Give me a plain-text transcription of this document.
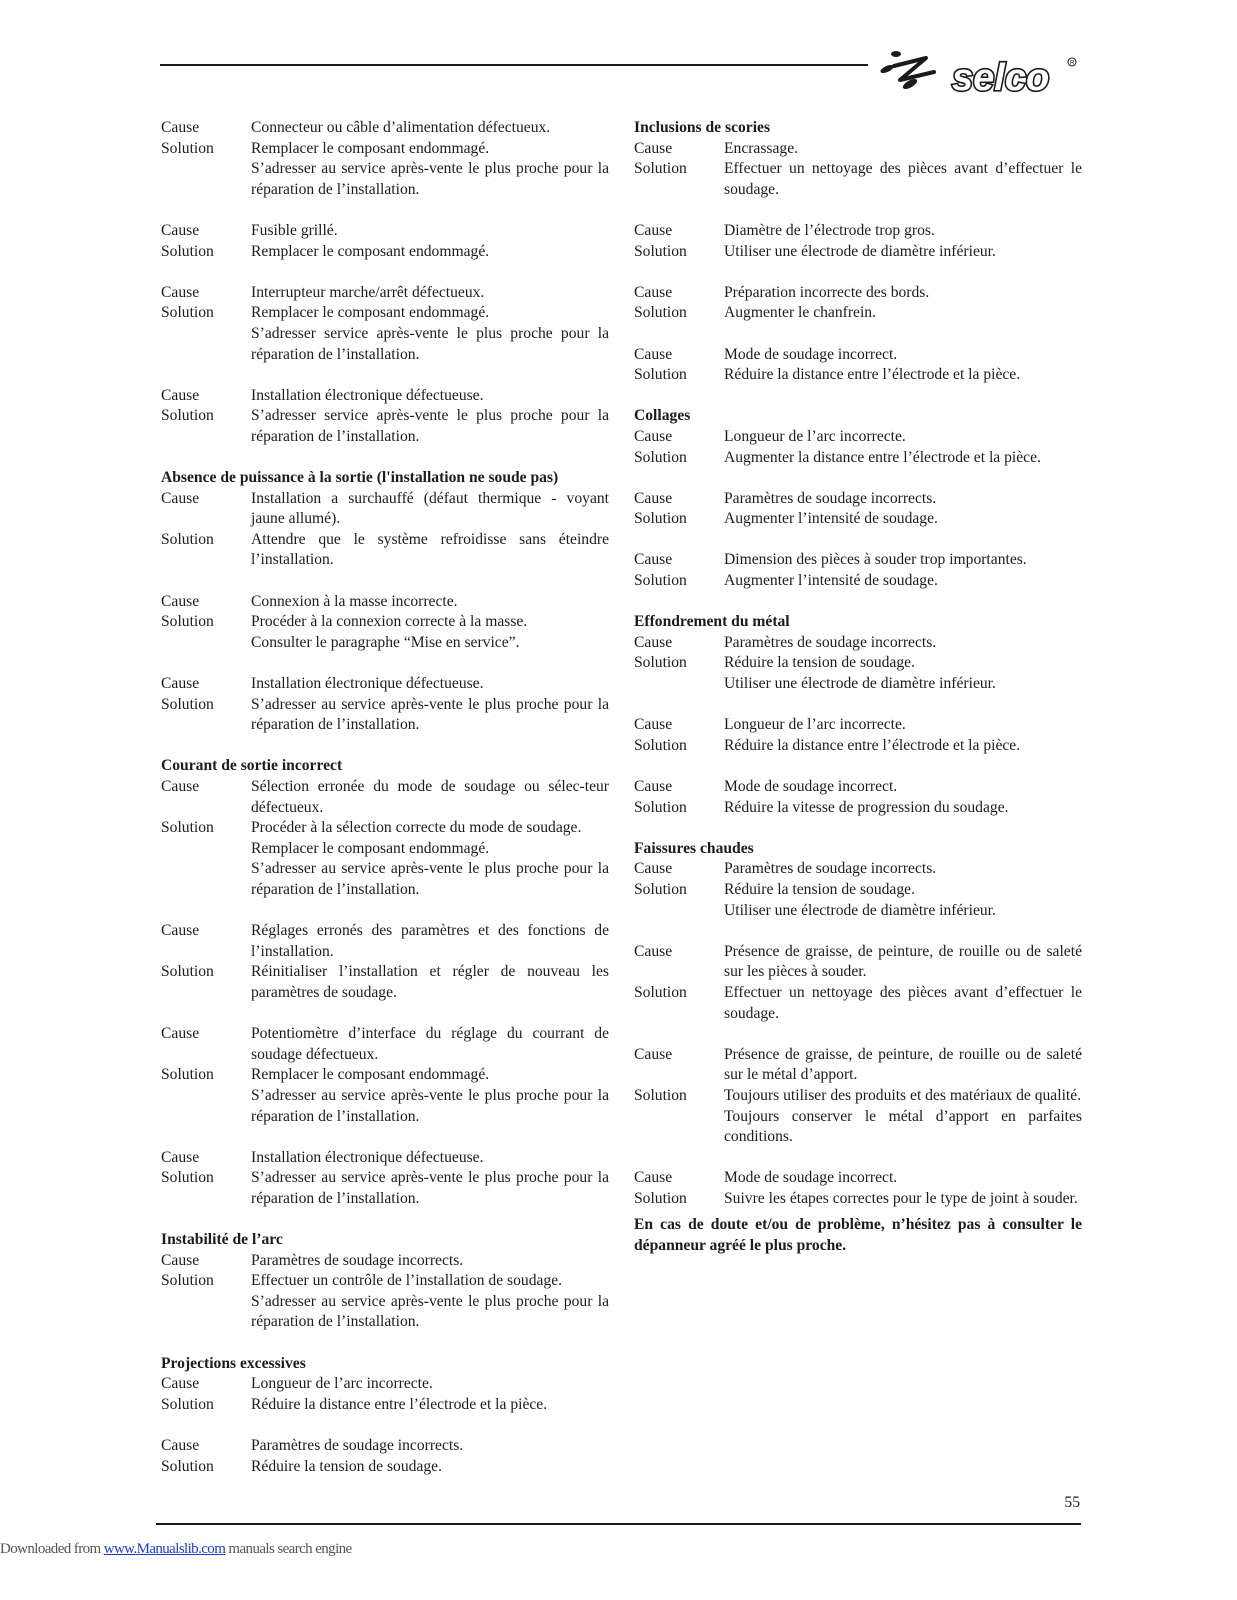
selco	R
Cause	Connecteur ou câble d’alimentation défectueux.
Solution	Remplacer le composant endommagé.
S’adresser au service après-vente le plus proche pour la réparation de l’installation.
Cause	Fusible grillé.
Solution	Remplacer le composant endommagé.
Cause	Interrupteur marche/arrêt défectueux.
Solution	Remplacer le composant endommagé.
S’adresser service après-vente le plus proche pour la réparation de l’installation.
Cause	Installation électronique défectueuse.
Solution	S’adresser service après-vente le plus proche pour la réparation de l’installation.
Absence de puissance à la sortie (l'installation ne soude pas)
Cause	Installation a surchauffé (défaut thermique - voyant jaune allumé).
Solution	Attendre que le système refroidisse sans éteindre l’installation.
Cause	Connexion à la masse incorrecte.
Solution	Procéder à la connexion correcte à la masse.
Consulter le paragraphe “Mise en service”.
Cause	Installation électronique défectueuse.
Solution	S’adresser au service après-vente le plus proche pour la réparation de l’installation.
Courant de sortie incorrect
Cause	Sélection erronée du mode de soudage ou sélec-teur défectueux.
Solution	Procéder à la sélection correcte du mode de soudage.
Remplacer le composant endommagé.
S’adresser au service après-vente le plus proche pour la réparation de l’installation.
Cause	Réglages erronés des paramètres et des fonctions de l’installation.
Solution	Réinitialiser l’installation et régler de nouveau les paramètres de soudage.
Cause	Potentiomètre d’interface du réglage du courrant de soudage défectueux.
Solution	Remplacer le composant endommagé.
S’adresser au service après-vente le plus proche pour la réparation de l’installation.
Cause	Installation électronique défectueuse.
Solution	S’adresser au service après-vente le plus proche pour la réparation de l’installation.
Instabilité de l’arc
Cause	Paramètres de soudage incorrects.
Solution	Effectuer un contrôle de l’installation de soudage.
S’adresser au service après-vente le plus proche pour la réparation de l’installation.
Projections excessives
Cause	Longueur de l’arc incorrecte.
Solution	Réduire la distance entre l’électrode et la pièce.
Cause	Paramètres de soudage incorrects.
Solution	Réduire la tension de soudage.
Inclusions de scories
Cause	Encrassage.
Solution	Effectuer un nettoyage des pièces avant d’effectuer le soudage.
Cause	Diamètre de l’électrode trop gros.
Solution	Utiliser une électrode de diamètre inférieur.
Cause	Préparation incorrecte des bords.
Solution	Augmenter le chanfrein.
Cause	Mode de soudage incorrect.
Solution	Réduire la distance entre l’électrode et la pièce.
Collages
Cause	Longueur de l’arc incorrecte.
Solution	Augmenter la distance entre l’électrode et la pièce.
Cause	Paramètres de soudage incorrects.
Solution	Augmenter l’intensité de soudage.
Cause	Dimension des pièces à souder trop importantes.
Solution	Augmenter l’intensité de soudage.
Effondrement du métal
Cause	Paramètres de soudage incorrects.
Solution	Réduire la tension de soudage.
Utiliser une électrode de diamètre inférieur.
Cause	Longueur de l’arc incorrecte.
Solution	Réduire la distance entre l’électrode et la pièce.
Cause	Mode de soudage incorrect.
Solution	Réduire la vitesse de progression du soudage.
Faissures chaudes
Cause	Paramètres de soudage incorrects.
Solution	Réduire la tension de soudage.
Utiliser une électrode de diamètre inférieur.
Cause	Présence de graisse, de peinture, de rouille ou de saleté sur les pièces à souder.
Solution	Effectuer un nettoyage des pièces avant d’effectuer le soudage.
Cause	Présence de graisse, de peinture, de rouille ou de saleté sur le métal d’apport.
Solution	Toujours utiliser des produits et des matériaux de qualité.
Toujours conserver le métal d’apport en parfaites conditions.
Cause	Mode de soudage incorrect.
Solution	Suivre les étapes correctes pour le type de joint à souder.
En cas de doute et/ou de problème, n’hésitez pas à consulter le dépanneur agréé le plus proche.
55
Downloaded from www.Manualslib.com manuals search engine
